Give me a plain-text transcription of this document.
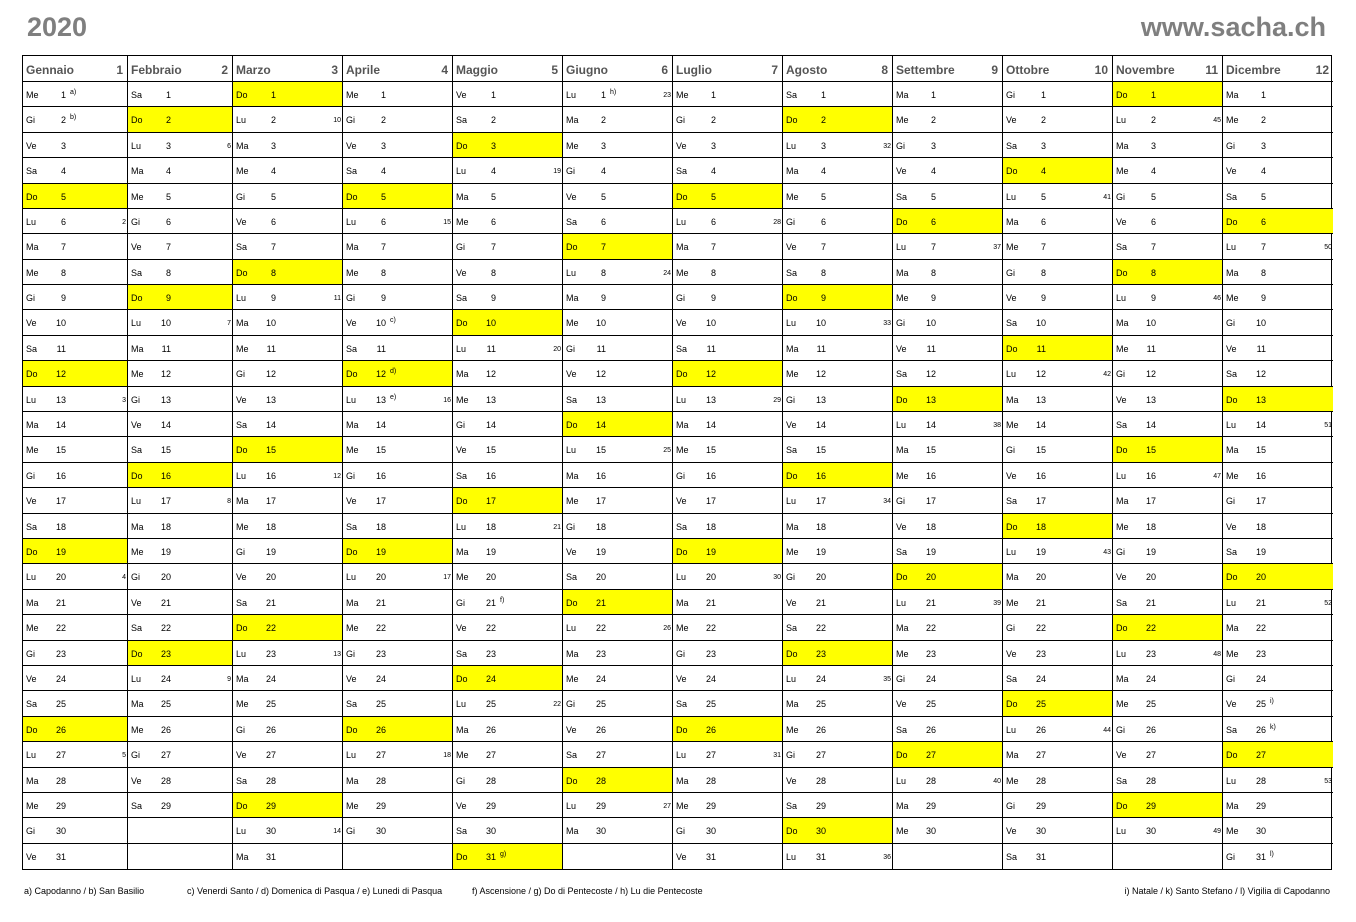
2020	www.sacha.ch
Gennaio	1
Me	1 a)
Gi	2 b)
Ve	3
Sa	4
Do	5
Lu	6	2
Ma	7
Me	8
Gi	9
Ve	10
Sa	11
Do	12
Lu	13	3
Ma	14
Me	15
Gi	16
Ve	17
Sa	18
Do	19
Lu	20	4
Ma	21
Me	22
Gi	23
Ve	24
Sa	25
Do	26
Lu	27	5
Ma	28
Me	29
Gi	30
Ve	31
Febbraio	2
Sa	1
Do	2
Lu	3	6
Ma	4
Me	5
Gi	6
Ve	7
Sa	8
Do	9
Lu	10	7
Ma	11
Me	12
Gi	13
Ve	14
Sa	15
Do	16
Lu	17	8
Ma	18
Me	19
Gi	20
Ve	21
Sa	22
Do	23
Lu	24	9
Ma	25
Me	26
Gi	27
Ve	28
Sa	29
Marzo	3
Do	1
Lu	2	10
Ma	3
Me	4
Gi	5
Ve	6
Sa	7
Do	8
Lu	9	11
Ma	10
Me	11
Gi	12
Ve	13
Sa	14
Do	15
Lu	16	12
Ma	17
Me	18
Gi	19
Ve	20
Sa	21
Do	22
Lu	23	13
Ma	24
Me	25
Gi	26
Ve	27
Sa	28
Do	29
Lu	30	14
Ma	31
Aprile	4
Me	1
Gi	2
Ve	3
Sa	4
Do	5
Lu	6	15
Ma	7
Me	8
Gi	9
Ve	10 c)
Sa	11
Do	12 d)
Lu	13 e)	16
Ma	14
Me	15
Gi	16
Ve	17
Sa	18
Do	19
Lu	20	17
Ma	21
Me	22
Gi	23
Ve	24
Sa	25
Do	26
Lu	27	18
Ma	28
Me	29
Gi	30
Maggio	5
Ve	1
Sa	2
Do	3
Lu	4	19
Ma	5
Me	6
Gi	7
Ve	8
Sa	9
Do	10
Lu	11	20
Ma	12
Me	13
Gi	14
Ve	15
Sa	16
Do	17
Lu	18	21
Ma	19
Me	20
Gi	21 f)
Ve	22
Sa	23
Do	24
Lu	25	22
Ma	26
Me	27
Gi	28
Ve	29
Sa	30
Do	31 g)
Giugno	6
Lu	1 h)	23
Ma	2
Me	3
Gi	4
Ve	5
Sa	6
Do	7
Lu	8	24
Ma	9
Me	10
Gi	11
Ve	12
Sa	13
Do	14
Lu	15	25
Ma	16
Me	17
Gi	18
Ve	19
Sa	20
Do	21
Lu	22	26
Ma	23
Me	24
Gi	25
Ve	26
Sa	27
Do	28
Lu	29	27
Ma	30
Luglio	7
Me	1
Gi	2
Ve	3
Sa	4
Do	5
Lu	6	28
Ma	7
Me	8
Gi	9
Ve	10
Sa	11
Do	12
Lu	13	29
Ma	14
Me	15
Gi	16
Ve	17
Sa	18
Do	19
Lu	20	30
Ma	21
Me	22
Gi	23
Ve	24
Sa	25
Do	26
Lu	27	31
Ma	28
Me	29
Gi	30
Ve	31
Agosto	8
Sa	1
Do	2
Lu	3	32
Ma	4
Me	5
Gi	6
Ve	7
Sa	8
Do	9
Lu	10	33
Ma	11
Me	12
Gi	13
Ve	14
Sa	15
Do	16
Lu	17	34
Ma	18
Me	19
Gi	20
Ve	21
Sa	22
Do	23
Lu	24	35
Ma	25
Me	26
Gi	27
Ve	28
Sa	29
Do	30
Lu	31	36
Settembre	9
Ma	1
Me	2
Gi	3
Ve	4
Sa	5
Do	6
Lu	7	37
Ma	8
Me	9
Gi	10
Ve	11
Sa	12
Do	13
Lu	14	38
Ma	15
Me	16
Gi	17
Ve	18
Sa	19
Do	20
Lu	21	39
Ma	22
Me	23
Gi	24
Ve	25
Sa	26
Do	27
Lu	28	40
Ma	29
Me	30
Ottobre	10
Gi	1
Ve	2
Sa	3
Do	4
Lu	5	41
Ma	6
Me	7
Gi	8
Ve	9
Sa	10
Do	11
Lu	12	42
Ma	13
Me	14
Gi	15
Ve	16
Sa	17
Do	18
Lu	19	43
Ma	20
Me	21
Gi	22
Ve	23
Sa	24
Do	25
Lu	26	44
Ma	27
Me	28
Gi	29
Ve	30
Sa	31
Novembre	11
Do	1
Lu	2	45
Ma	3
Me	4
Gi	5
Ve	6
Sa	7
Do	8
Lu	9	46
Ma	10
Me	11
Gi	12
Ve	13
Sa	14
Do	15
Lu	16	47
Ma	17
Me	18
Gi	19
Ve	20
Sa	21
Do	22
Lu	23	48
Ma	24
Me	25
Gi	26
Ve	27
Sa	28
Do	29
Lu	30	49
Dicembre	12
Ma	1
Me	2
Gi	3
Ve	4
Sa	5
Do	6
Lu	7	50
Ma	8
Me	9
Gi	10
Ve	11
Sa	12
Do	13
Lu	14	51
Ma	15
Me	16
Gi	17
Ve	18
Sa	19
Do	20
Lu	21	52
Ma	22
Me	23
Gi	24
Ve	25 i)
Sa	26 k)
Do	27
Lu	28	53
Ma	29
Me	30
Gi	31 l)
a) Capodanno / b) San Basilio	c) Venerdi Santo / d) Domenica di Pasqua / e) Lunedi di Pasqua	f) Ascensione / g) Do di Pentecoste / h) Lu die Pentecoste	i) Natale / k) Santo Stefano / l) Vigilia di Capodanno
